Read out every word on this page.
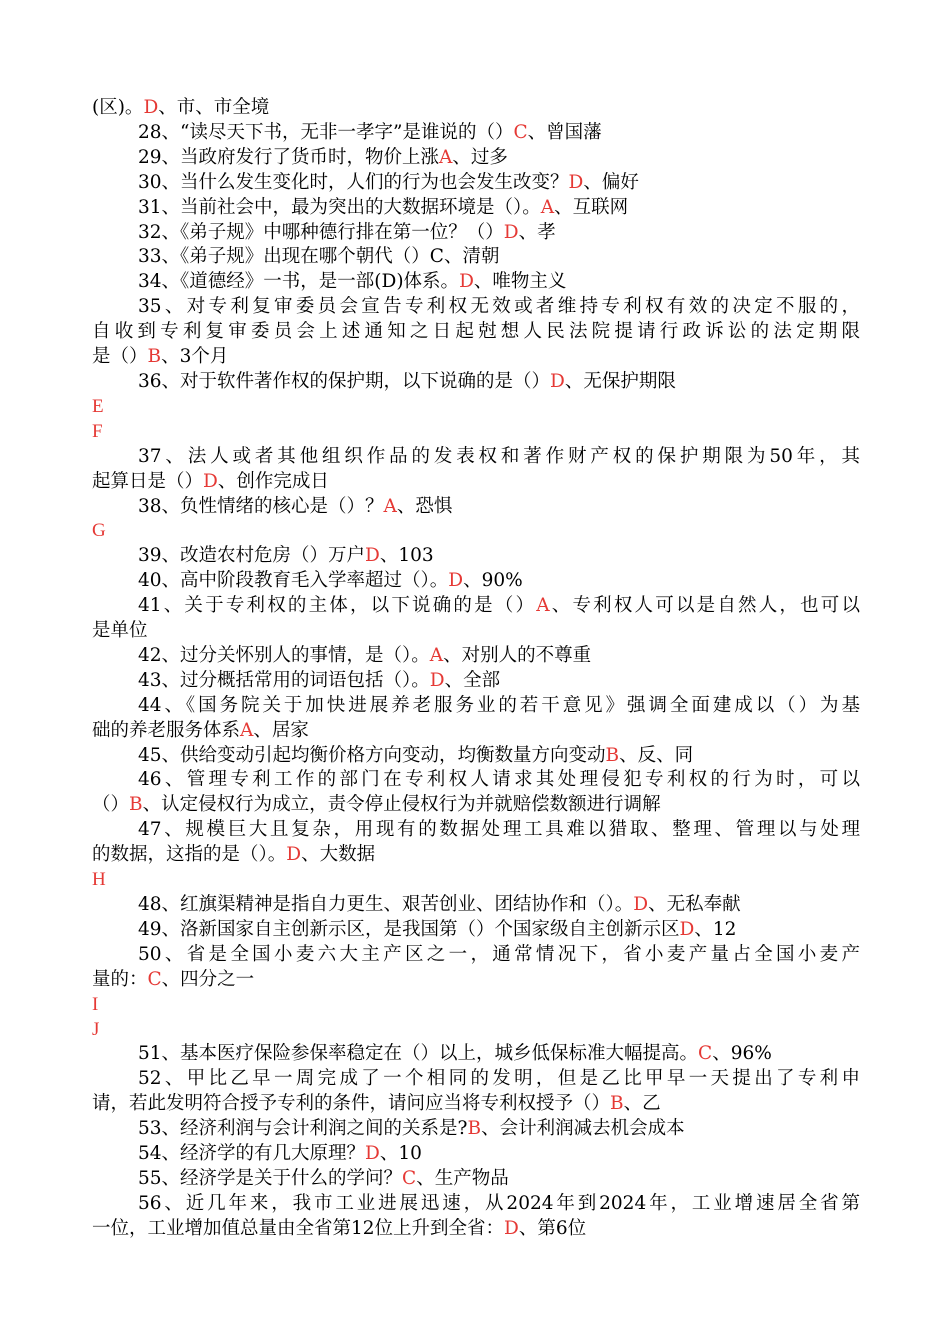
(区)。D、市、市全境
28、“读尽天下书，无非一孝字”是谁说的（）C、曾国藩
29、当政府发行了货币时，物价上涨A、过多
30、当什么发生变化时，人们的行为也会发生改变？D、偏好
31、当前社会中，最为突出的大数据环境是（）。A、互联网
32、《弟子规》中哪种德行排在第一位？（）D、孝
33、《弟子规》出现在哪个朝代（）C、清朝
34、《道德经》一书，是一部(D)体系。D、唯物主义
35、对专利复审委员会宣告专利权无效或者维持专利权有效的决定不服的，
自收到专利复审委员会上述通知之日起尅想人民法院提请行政诉讼的法定期限
是（）B、3个月
36、对于软件著作权的保护期，以下说确的是（）D、无保护期限
E
F
37、法人或者其他组织作品的发表权和著作财产权的保护期限为50年，其
起算日是（）D、创作完成日
38、负性情绪的核心是（）？A、恐惧
G
39、改造农村危房（）万户D、103
40、高中阶段教育毛入学率超过（）。D、90%
41、关于专利权的主体，以下说确的是（）A、专利权人可以是自然人，也可以
是单位
42、过分关怀别人的事情，是（）。A、对别人的不尊重
43、过分概括常用的词语包括（）。D、全部
44、《国务院关于加快进展养老服务业的若干意见》强调全面建成以（）为基
础的养老服务体系A、居家
45、供给变动引起均衡价格方向变动，均衡数量方向变动B、反、同
46、管理专利工作的部门在专利权人请求其处理侵犯专利权的行为时，可以
（）B、认定侵权行为成立，责令停止侵权行为并就赔偿数额进行调解
47、规模巨大且复杂，用现有的数据处理工具难以猎取、整理、管理以与处理
的数据，这指的是（）。D、大数据
H
48、红旗渠精神是指自力更生、艰苦创业、团结协作和（）。D、无私奉献
49、洛新国家自主创新示区，是我国第（）个国家级自主创新示区D、12
50、省是全国小麦六大主产区之一，通常情况下，省小麦产量占全国小麦产
量的：C、四分之一
I
J
51、基本医疗保险参保率稳定在（）以上，城乡低保标准大幅提高。C、96%
52、甲比乙早一周完成了一个相同的发明，但是乙比甲早一天提出了专利申
请，若此发明符合授予专利的条件，请问应当将专利权授予（）B、乙
53、经济利润与会计利润之间的关系是?B、会计利润减去机会成本
54、经济学的有几大原理？D、10
55、经济学是关于什么的学问？C、生产物品
56、近几年来，我市工业进展迅速，从2024年到2024年，工业增速居全省第
一位，工业增加值总量由全省第12位上升到全省：D、第6位
